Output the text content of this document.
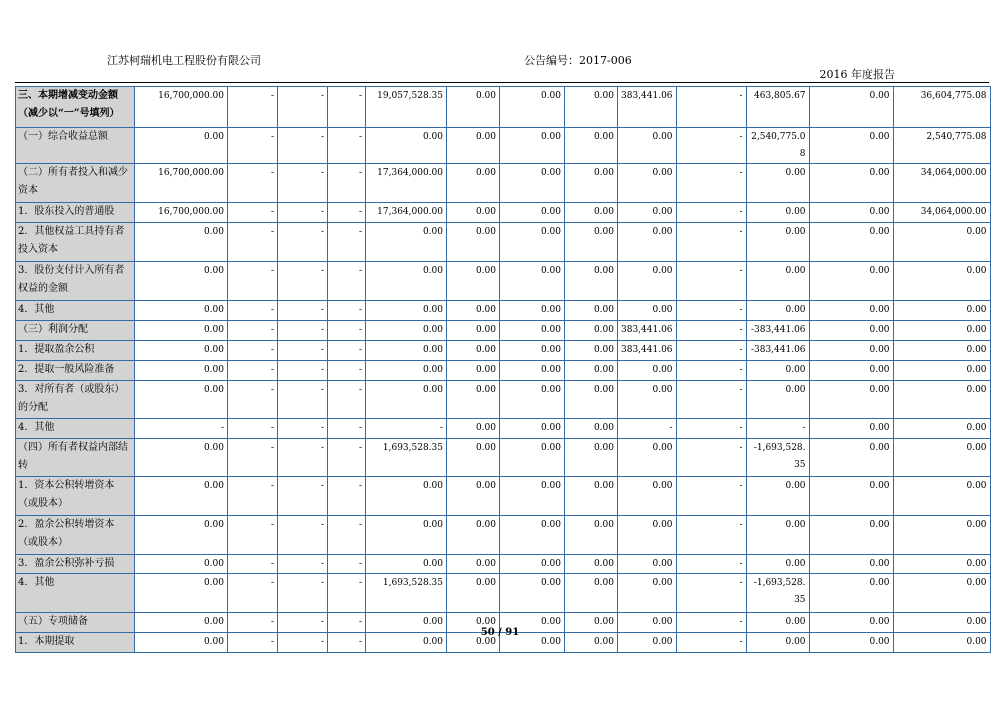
江苏柯瑞机电工程股份有限公司	公告编号：2017-006
2016 年度报告
三、本期增减变动金额（减少以“一”号填列）	16,700,000.00	-	-	-	19,057,528.35	0.00	0.00	0.00	383,441.06	-	463,805.67	0.00	36,604,775.08
（一）综合收益总额	0.00	-	-	-	0.00	0.00	0.00	0.00	0.00	-	2,540,775.08	0.00	2,540,775.08
（二）所有者投入和减少资本	16,700,000.00	-	-	-	17,364,000.00	0.00	0.00	0.00	0.00	-	0.00	0.00	34,064,000.00
1．股东投入的普通股	16,700,000.00	-	-	-	17,364,000.00	0.00	0.00	0.00	0.00	-	0.00	0.00	34,064,000.00
2．其他权益工具持有者投入资本	0.00	-	-	-	0.00	0.00	0.00	0.00	0.00	-	0.00	0.00	0.00
3．股份支付计入所有者权益的金额	0.00	-	-	-	0.00	0.00	0.00	0.00	0.00	-	0.00	0.00	0.00
4．其他	0.00	-	-	-	0.00	0.00	0.00	0.00	0.00	-	0.00	0.00	0.00
（三）利润分配	0.00	-	-	-	0.00	0.00	0.00	0.00	383,441.06	-	-383,441.06	0.00	0.00
1．提取盈余公积	0.00	-	-	-	0.00	0.00	0.00	0.00	383,441.06	-	-383,441.06	0.00	0.00
2．提取一般风险准备	0.00	-	-	-	0.00	0.00	0.00	0.00	0.00	-	0.00	0.00	0.00
3．对所有者（或股东）的分配	0.00	-	-	-	0.00	0.00	0.00	0.00	0.00	-	0.00	0.00	0.00
4．其他	-	-	-	-	-	0.00	0.00	0.00	-	-	-	0.00	0.00
（四）所有者权益内部结转	0.00	-	-	-	1,693,528.35	0.00	0.00	0.00	0.00	-	-1,693,528.35	0.00	0.00
1．资本公积转增资本（或股本）	0.00	-	-	-	0.00	0.00	0.00	0.00	0.00	-	0.00	0.00	0.00
2．盈余公积转增资本（或股本）	0.00	-	-	-	0.00	0.00	0.00	0.00	0.00	-	0.00	0.00	0.00
3．盈余公积弥补亏损	0.00	-	-	-	0.00	0.00	0.00	0.00	0.00	-	0.00	0.00	0.00
4．其他	0.00	-	-	-	1,693,528.35	0.00	0.00	0.00	0.00	-	-1,693,528.35	0.00	0.00
（五）专项储备	0.00	-	-	-	0.00	0.00	0.00	0.00	0.00	-	0.00	0.00	0.00
1．本期提取	0.00	-	-	-	0.00	0.00	0.00	0.00	0.00	-	0.00	0.00	0.00
50 / 91
